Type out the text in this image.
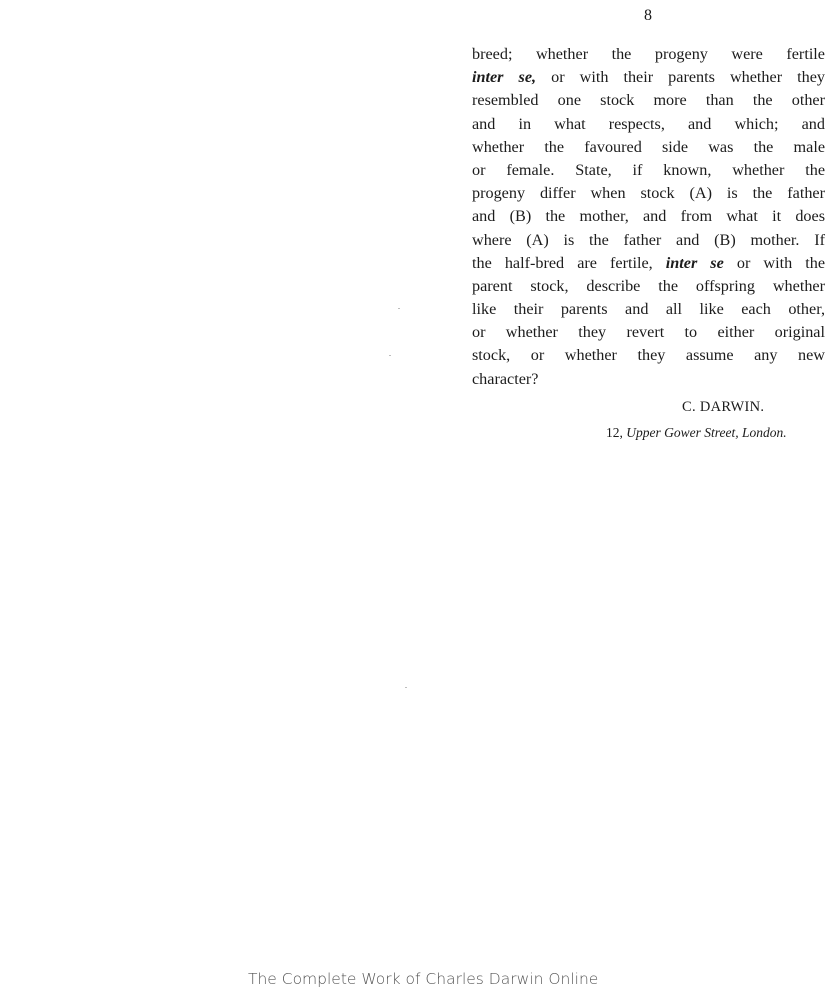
8
breed; whether the progeny were fertile
inter se, or with their parents whether they
resembled one stock more than the other
and in what respects, and which; and
whether the favoured side was the male
or female. State, if known, whether the
progeny differ when stock (A) is the father
and (B) the mother, and from what it does
where (A) is the father and (B) mother. If
the half-bred are fertile, inter se or with the
parent stock, describe the offspring whether
like their parents and all like each other,
or whether they revert to either original
stock, or whether they assume any new
character?
C. DARWIN.
12, Upper Gower Street, London.
The Complete Work of Charles Darwin Online
